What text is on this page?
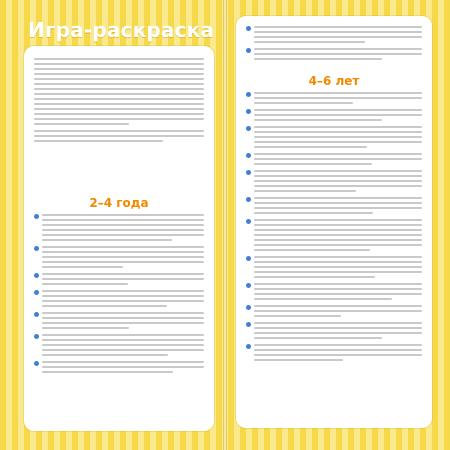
Игра-раскраска
2–4 года
4–6 лет
